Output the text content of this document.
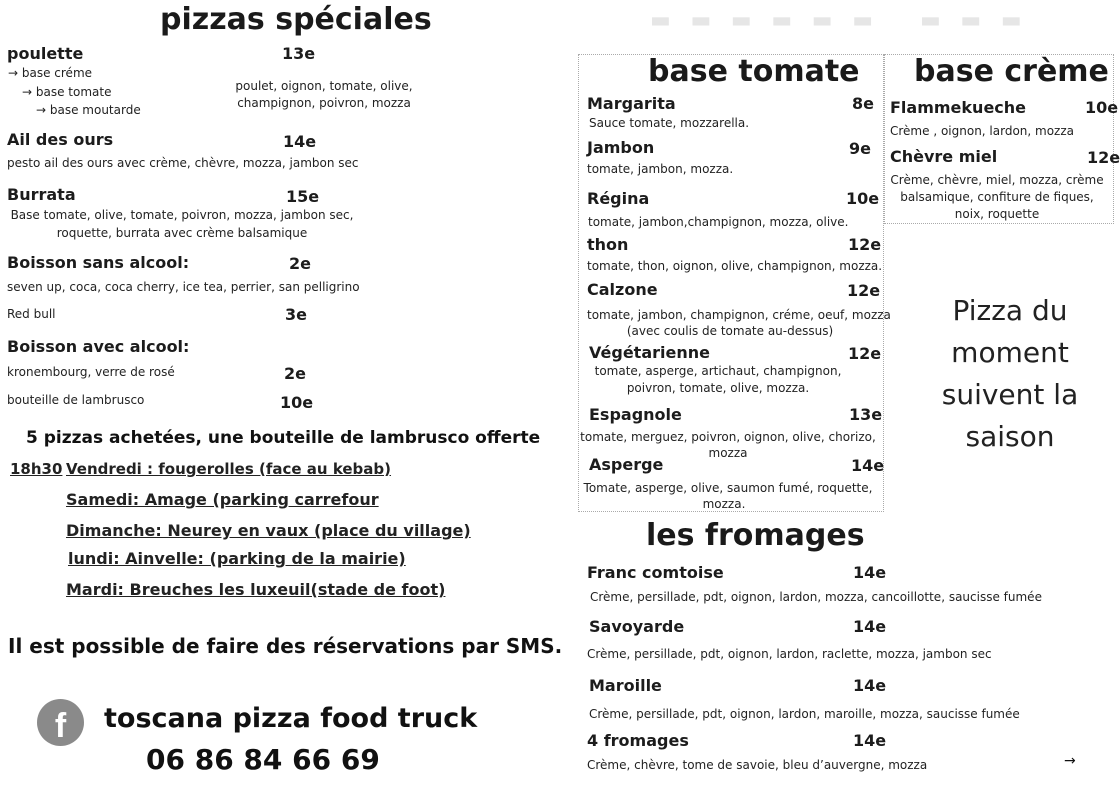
pizzas spéciales
poulette	13e
→ base créme
→ base tomate
→ base moutarde
poulet, oignon, tomate, olive,
champignon, poivron, mozza
Ail des ours	14e
pesto ail des ours avec crème, chèvre, mozza, jambon sec
Burrata	15e
Base tomate, olive, tomate, poivron, mozza, jambon sec,
roquette, burrata avec crème balsamique
Boisson sans alcool:	2e
seven up, coca, coca cherry, ice tea, perrier, san pelligrino
Red bull	3e
Boisson avec alcool:
kronembourg, verre de rosé	2e
bouteille de lambrusco	10e
5 pizzas achetées, une bouteille de lambrusco offerte
18h30 Vendredi : fougerolles (face au kebab)
Samedi: Amage (parking carrefour
Dimanche: Neurey en vaux (place du village)
lundi: Ainvelle: (parking de la mairie)
Mardi: Breuches les luxeuil(stade de foot)
Il est possible de faire des réservations par SMS.
f	toscana pizza food truck
06 86 84 66 69
▬ ▬ ▬ ▬ ▬ ▬   ▬ ▬ ▬
base tomate
Margarita	8e
Sauce tomate, mozzarella.
Jambon	9e
tomate, jambon, mozza.
Régina	10e
tomate, jambon,champignon, mozza, olive.
thon	12e
tomate, thon, oignon, olive, champignon, mozza.
Calzone	12e
tomate, jambon, champignon, créme, oeuf, mozza
(avec coulis de tomate au-dessus)
Végétarienne	12e
tomate, asperge, artichaut, champignon,
poivron, tomate, olive, mozza.
Espagnole	13e
tomate, merguez, poivron, oignon, olive, chorizo,
mozza
Asperge	14e
Tomate, asperge, olive, saumon fumé, roquette,
mozza.
base crème
Flammekueche	10e
Crème , oignon, lardon, mozza
Chèvre miel	12e
Crème, chèvre, miel, mozza, crème
balsamique, confiture de fiques,
noix, roquette
Pizza du
moment
suivent la
saison
les fromages
Franc comtoise	14e
Crème, persillade, pdt, oignon, lardon, mozza, cancoillotte, saucisse fumée
Savoyarde	14e
Crème, persillade, pdt, oignon, lardon, raclette, mozza, jambon sec
Maroille	14e
Crème, persillade, pdt, oignon, lardon, maroille, mozza, saucisse fumée
4 fromages	14e
Crème, chèvre, tome de savoie, bleu d’auvergne, mozza	→
